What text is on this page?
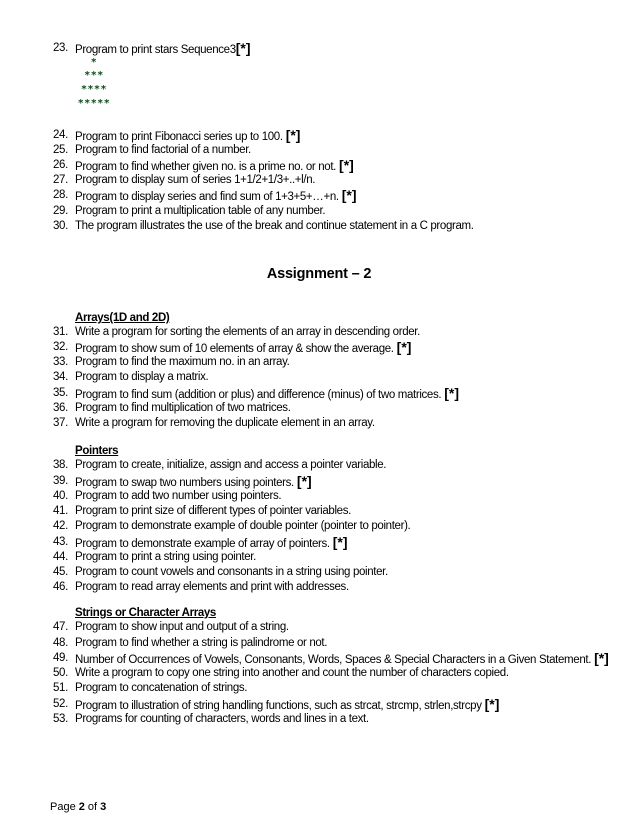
23. Program to print stars Sequence3[*]
*
***
****
*****
24. Program to print Fibonacci series up to 100. [*]
25. Program to find factorial of a number.
26. Program to find whether given no. is a prime no. or not. [*]
27. Program to display sum of series 1+1/2+1/3+..+l/n.
28. Program to display series and find sum of 1+3+5+…+n. [*]
29. Program to print a multiplication table of any number.
30. The program illustrates the use of the break and continue statement in a C program.
Assignment – 2
Arrays(1D and 2D)
31. Write a program for sorting the elements of an array in descending order.
32. Program to show sum of 10 elements of array & show the average. [*]
33. Program to find the maximum no. in an array.
34. Program to display a matrix.
35. Program to find sum (addition or plus) and difference (minus) of two matrices. [*]
36. Program to find multiplication of two matrices.
37. Write a program for removing the duplicate element in an array.
Pointers
38. Program to create, initialize, assign and access a pointer variable.
39. Program to swap two numbers using pointers. [*]
40. Program to add two number using pointers.
41. Program to print size of different types of pointer variables.
42. Program to demonstrate example of double pointer (pointer to pointer).
43. Program to demonstrate example of array of pointers. [*]
44. Program to print a string using pointer.
45. Program to count vowels and consonants in a string using pointer.
46. Program to read array elements and print with addresses.
Strings or Character Arrays
47. Program to show input and output of a string.
48. Program to find whether a string is palindrome or not.
49. Number of Occurrences of Vowels, Consonants, Words, Spaces & Special Characters in a Given Statement. [*]
50. Write a program to copy one string into another and count the number of characters copied.
51. Program to concatenation of strings.
52. Program to illustration of string handling functions, such as strcat, strcmp, strlen,strcpy [*]
53. Programs for counting of characters, words and lines in a text.
Page 2 of 3
